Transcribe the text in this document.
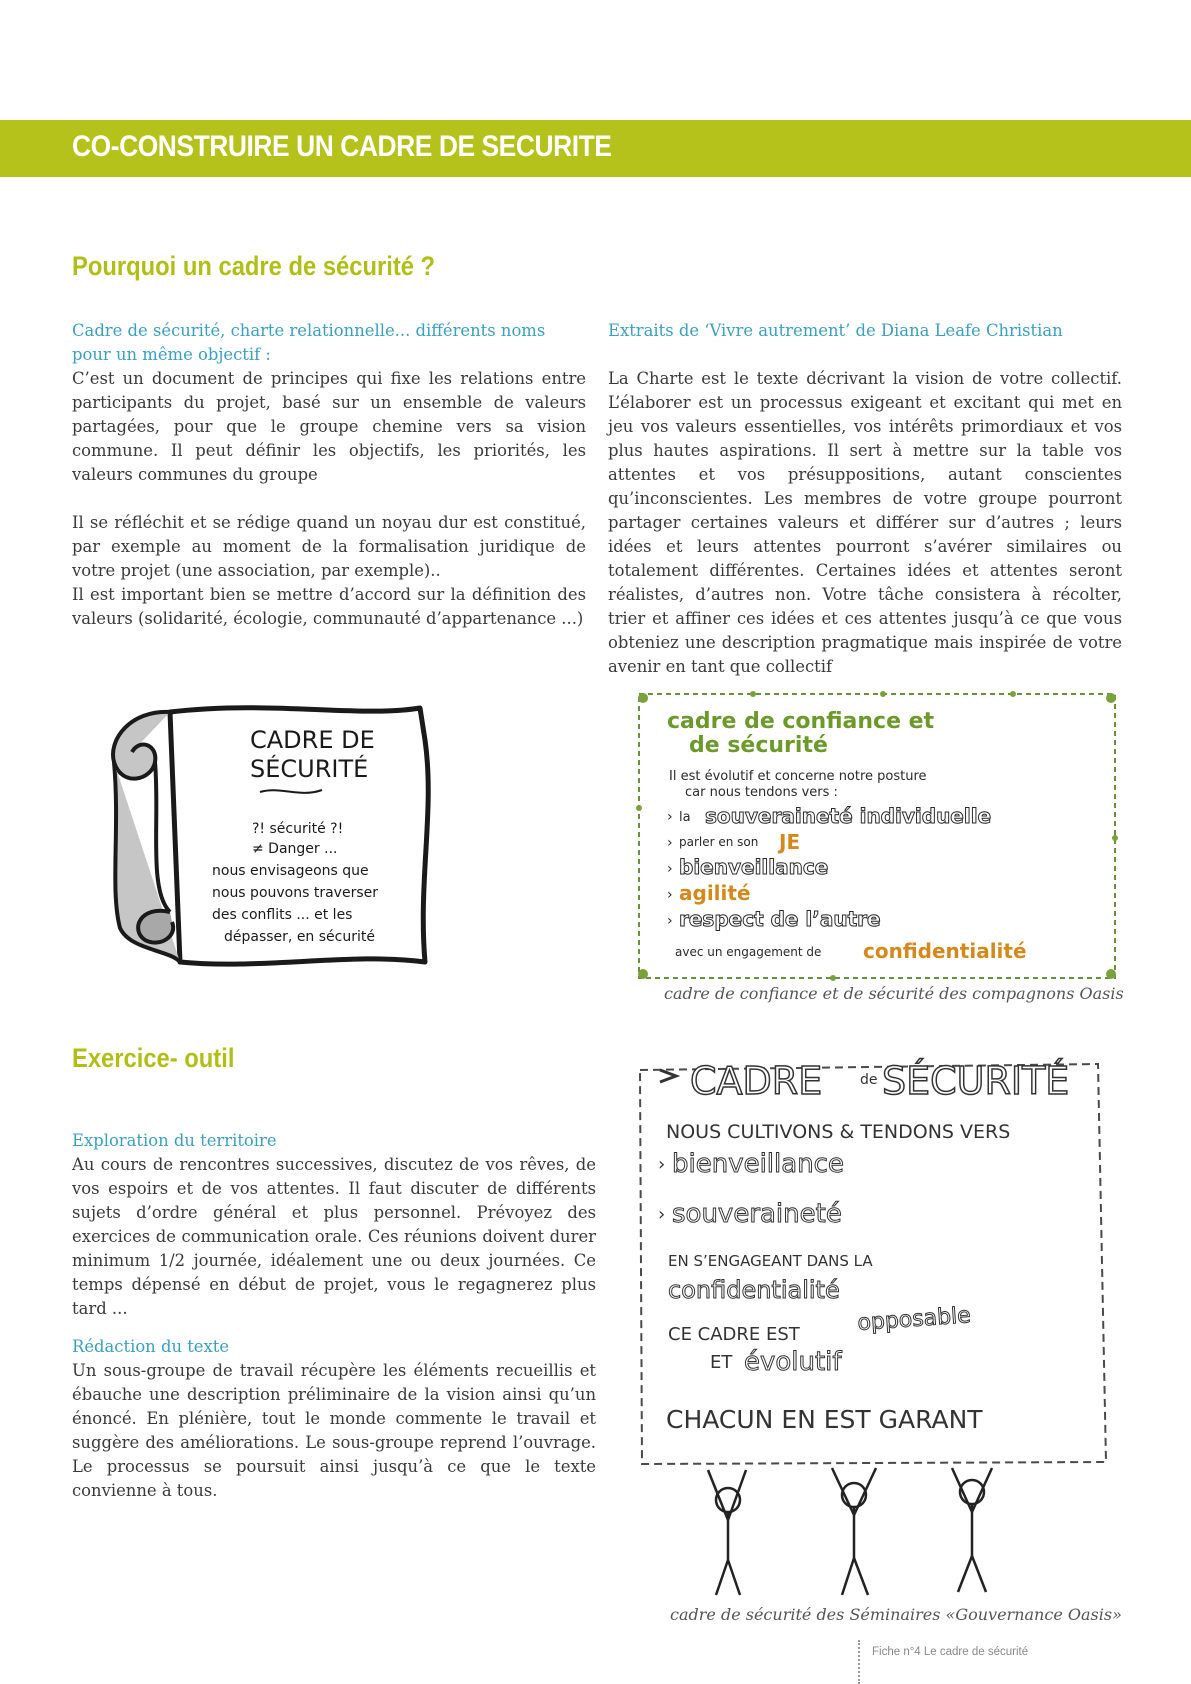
CO-CONSTRUIRE UN CADRE DE SECURITE
Pourquoi un cadre de sécurité ?

Cadre de sécurité, charte relationnelle... différents noms pour un même objectif :

C’est un document de principes qui fixe les relations entre participants du projet, basé sur un ensemble de valeurs partagées, pour que le groupe chemine vers sa vision commune. Il peut définir les objectifs, les priorités, les valeurs communes du groupe

Il se réfléchit et se rédige quand un noyau dur est constitué, par exemple au moment de la formalisation juridique de votre projet (une association, par exemple)..

Il est important bien se mettre d’accord sur la définition des valeurs (solidarité, écologie, communauté d’appartenance ...)

Extraits de ‘Vivre autrement’ de Diana Leafe Christian

La Charte est le texte décrivant la vision de votre collectif. L’élaborer est un processus exigeant et excitant qui met en jeu vos valeurs essentielles, vos intérêts primordiaux et vos plus hautes aspirations. Il sert à mettre sur la table vos attentes et vos présuppositions, autant conscientes qu’inconscientes. Les membres de votre groupe pourront partager certaines valeurs et différer sur d’autres ; leurs idées et leurs attentes pourront s’avérer similaires ou totalement différentes. Certaines idées et attentes seront réalistes, d’autres non. Votre tâche consistera à récolter, trier et affiner ces idées et ces attentes jusqu’à ce que vous obteniez une description pragmatique mais inspirée de votre avenir en tant que collectif

CADRE DE
SÉCURITÉ
?! sécurité ?!
≠ Danger ...
nous envisageons que
nous pouvons traverser
des conflits ... et les
dépasser, en sécurité
cadre de confiance et
de sécurité
Il est évolutif et concerne notre posture
car nous tendons vers :
› la souveraineté individuelle
› parler en son JE
› bienveillance
› agilité
› respect de l’autre
avec un engagement de confidentialité
cadre de confiance et de sécurité des compagnons Oasis
Exercice- outil

Exploration du territoire

Au cours de rencontres successives, discutez de vos rêves, de vos espoirs et de vos attentes. Il faut discuter de différents sujets d’ordre général et plus personnel. Prévoyez des exercices de communication orale. Ces réunions doivent durer minimum 1/2 journée, idéalement une ou deux journées. Ce temps dépensé en début de projet, vous le regagnerez plus tard ...

Rédaction du texte

Un sous-groupe de travail récupère les éléments recueillis et ébauche une description préliminaire de la vision ainsi qu’un énoncé. En plénière, tout le monde commente le travail et suggère des améliorations. Le sous-groupe reprend l’ouvrage. Le processus se poursuit ainsi jusqu’à ce que le texte convienne à tous.

CADRE	de SÉCURITÉ
NOUS CULTIVONS & TENDONS VERS
› bienveillance
› souveraineté
EN S’ENGAGEANT DANS LA
confidentialité
CE CADRE EST	opposable
ET évolutif
CHACUN EN EST GARANT
cadre de sécurité des Séminaires «Gouvernance Oasis»
Fiche n°4 Le cadre de sécurité
